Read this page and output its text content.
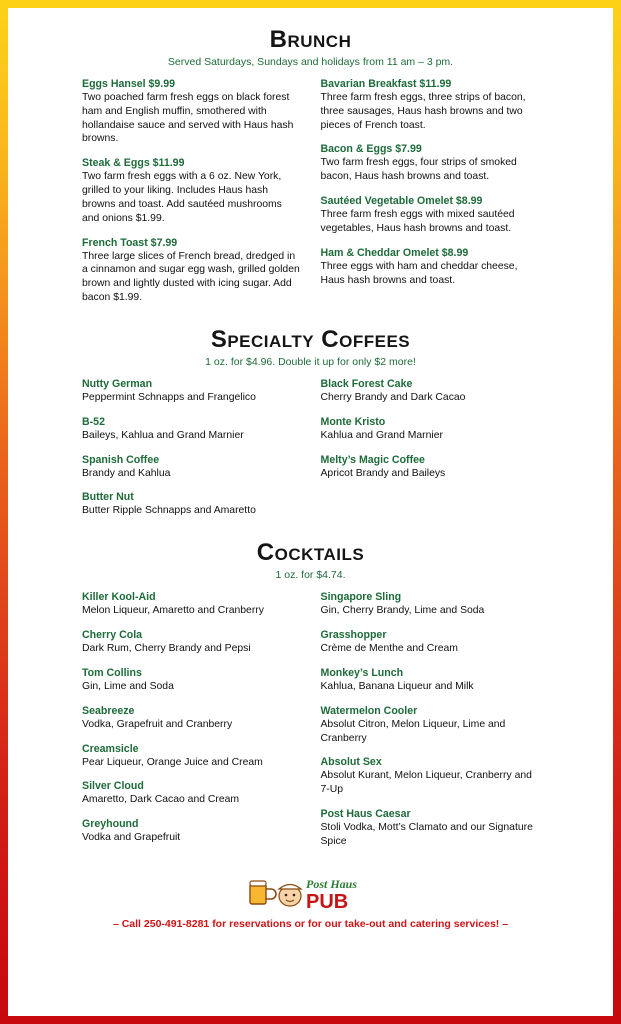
Brunch
Served Saturdays, Sundays and holidays from 11 am – 3 pm.
Eggs Hansel $9.99
Two poached farm fresh eggs on black forest ham and English muffin, smothered with hollandaise sauce and served with Haus hash browns.
Steak & Eggs $11.99
Two farm fresh eggs with a 6 oz. New York, grilled to your liking. Includes Haus hash browns and toast. Add sautéed mushrooms and onions $1.99.
French Toast $7.99
Three large slices of French bread, dredged in a cinnamon and sugar egg wash, grilled golden brown and lightly dusted with icing sugar. Add bacon $1.99.
Bavarian Breakfast $11.99
Three farm fresh eggs, three strips of bacon, three sausages, Haus hash browns and two pieces of French toast.
Bacon & Eggs $7.99
Two farm fresh eggs, four strips of smoked bacon, Haus hash browns and toast.
Sautéed Vegetable Omelet $8.99
Three farm fresh eggs with mixed sautéed vegetables, Haus hash browns and toast.
Ham & Cheddar Omelet $8.99
Three eggs with ham and cheddar cheese, Haus hash browns and toast.
Specialty Coffees
1 oz. for $4.96. Double it up for only $2 more!
Nutty German
Peppermint Schnapps and Frangelico
B-52
Baileys, Kahlua and Grand Marnier
Spanish Coffee
Brandy and Kahlua
Butter Nut
Butter Ripple Schnapps and Amaretto
Black Forest Cake
Cherry Brandy and Dark Cacao
Monte Kristo
Kahlua and Grand Marnier
Melty’s Magic Coffee
Apricot Brandy and Baileys
Cocktails
1 oz. for $4.74.
Killer Kool-Aid
Melon Liqueur, Amaretto and Cranberry
Cherry Cola
Dark Rum, Cherry Brandy and Pepsi
Tom Collins
Gin, Lime and Soda
Seabreeze
Vodka, Grapefruit and Cranberry
Creamsicle
Pear Liqueur, Orange Juice and Cream
Silver Cloud
Amaretto, Dark Cacao and Cream
Greyhound
Vodka and Grapefruit
Singapore Sling
Gin, Cherry Brandy, Lime and Soda
Grasshopper
Crème de Menthe and Cream
Monkey’s Lunch
Kahlua, Banana Liqueur and Milk
Watermelon Cooler
Absolut Citron, Melon Liqueur, Lime and Cranberry
Absolut Sex
Absolut Kurant, Melon Liqueur, Cranberry and 7-Up
Post Haus Caesar
Stoli Vodka, Mott’s Clamato and our Signature Spice
Post Haus
PUB
– Call 250-491-8281 for reservations or for our take-out and catering services! –
